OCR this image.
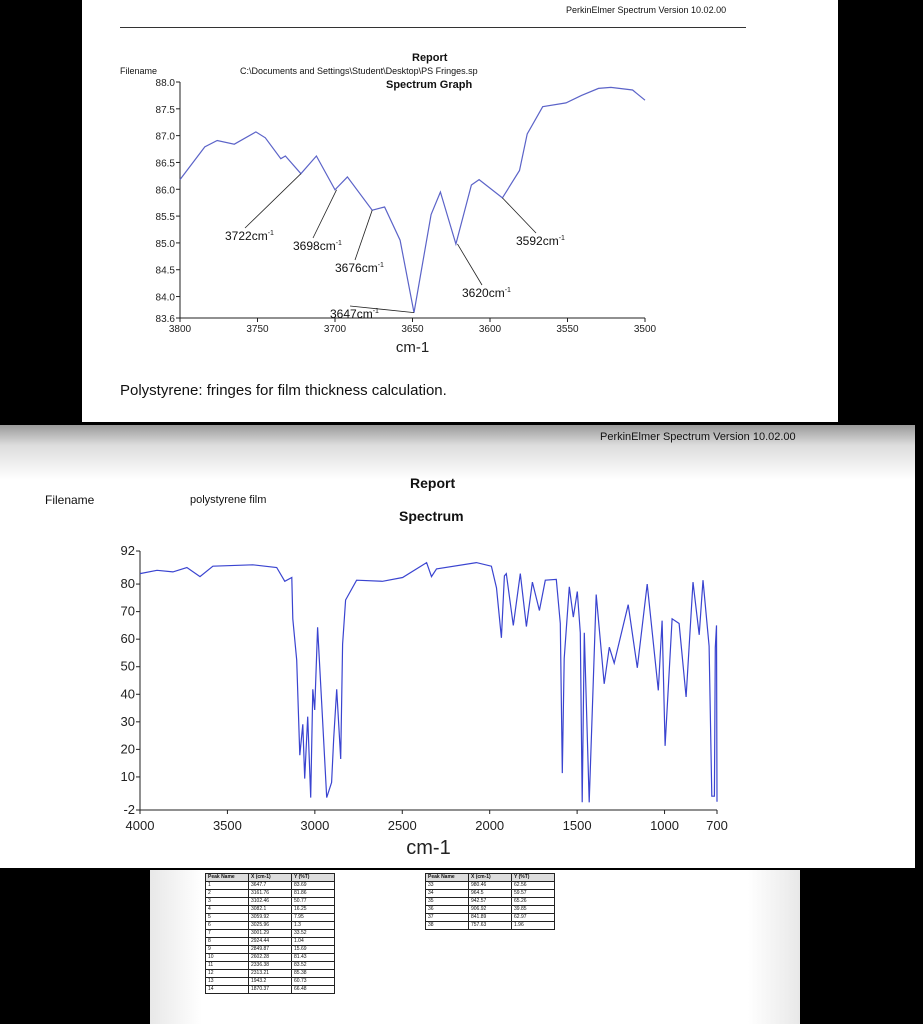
PerkinElmer Spectrum Version 10.02.00
Report
Filename	C:\Documents and Settings\Student\Desktop\PS Fringes.sp
Spectrum Graph
Polystyrene: fringes for film thickness calculation.
PerkinElmer Spectrum Version 10.02.00
Report
Filename	polystyrene film
Spectrum
3800	3750	3700	3650	3600	3550	3500
88.0
87.5
87.0
86.5
86.0
85.5
85.0
84.5
84.0
83.6
cm-1
$3722cm^{-1}$
$3698cm^{-1}$
$3676cm^{-1}$
$3647cm^{-1}$
$3620cm^{-1}$
$3592cm^{-1}$
4000	3500	3000	2500	2000	1500	1000 700
92
80
70
60
50
40
30
20
10
-2
cm-1
Peak Name	X (cm-1)	Y (%T)
1	3647.7	83.69
2	3161.76	81.86
3	3102.46	50.77
4	3082.1	16.25
5	3059.92	7.95
6	3025.96	1.3
7	3001.29	33.52
8	2924.44	1.04
9	2849.87	15.69
10	2602.28	81.43
11	2336.38	83.52
12	2313.21	85.38
13	1943.2	60.73
14	1870.37	66.48
Peak Name	X (cm-1)	Y (%T)
33	980.46	62.56
34	964.5	59.57
35	942.57	65.26
36	906.92	39.85
37	841.89	62.97
38	757.63	1.96
